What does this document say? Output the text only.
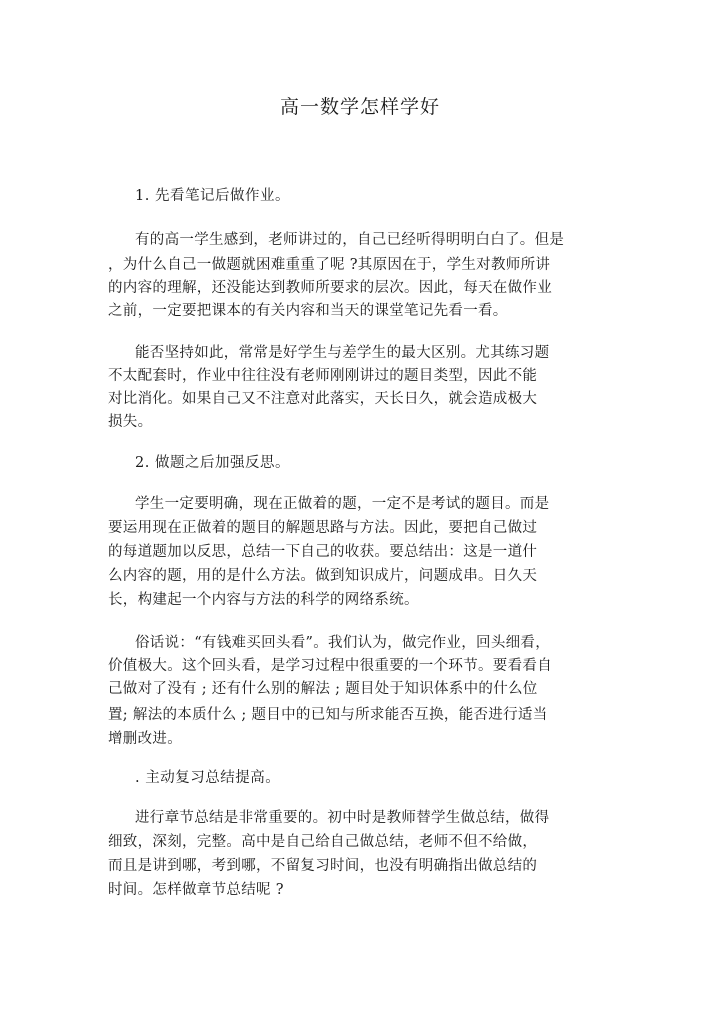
高一数学怎样学好
1. 先看笔记后做作业。
有的高一学生感到，老师讲过的，自己已经听得明明白白了。但是
，为什么自己一做题就困难重重了呢 ?其原因在于，学生对教师所讲
的内容的理解，还没能达到教师所要求的层次。因此，每天在做作业
之前，一定要把课本的有关内容和当天的课堂笔记先看一看。
能否坚持如此，常常是好学生与差学生的最大区别。尤其练习题
不太配套时，作业中往往没有老师刚刚讲过的题目类型，因此不能
对比消化。如果自己又不注意对此落实，天长日久，就会造成极大
损失。
2. 做题之后加强反思。
学生一定要明确，现在正做着的题，一定不是考试的题目。而是
要运用现在正做着的题目的解题思路与方法。因此，要把自己做过
的每道题加以反思，总结一下自己的收获。要总结出：这是一道什
么内容的题，用的是什么方法。做到知识成片，问题成串。日久天
长，构建起一个内容与方法的科学的网络系统。
俗话说：“有钱难买回头看”。我们认为，做完作业，回头细看，
价值极大。这个回头看，是学习过程中很重要的一个环节。要看看自
己做对了没有 ; 还有什么别的解法 ; 题目处于知识体系中的什么位
置; 解法的本质什么 ; 题目中的已知与所求能否互换，能否进行适当
增删改进。
. 主动复习总结提高。
进行章节总结是非常重要的。初中时是教师替学生做总结，做得
细致，深刻，完整。高中是自己给自己做总结，老师不但不给做，
而且是讲到哪，考到哪，不留复习时间，也没有明确指出做总结的
时间。怎样做章节总结呢 ?
